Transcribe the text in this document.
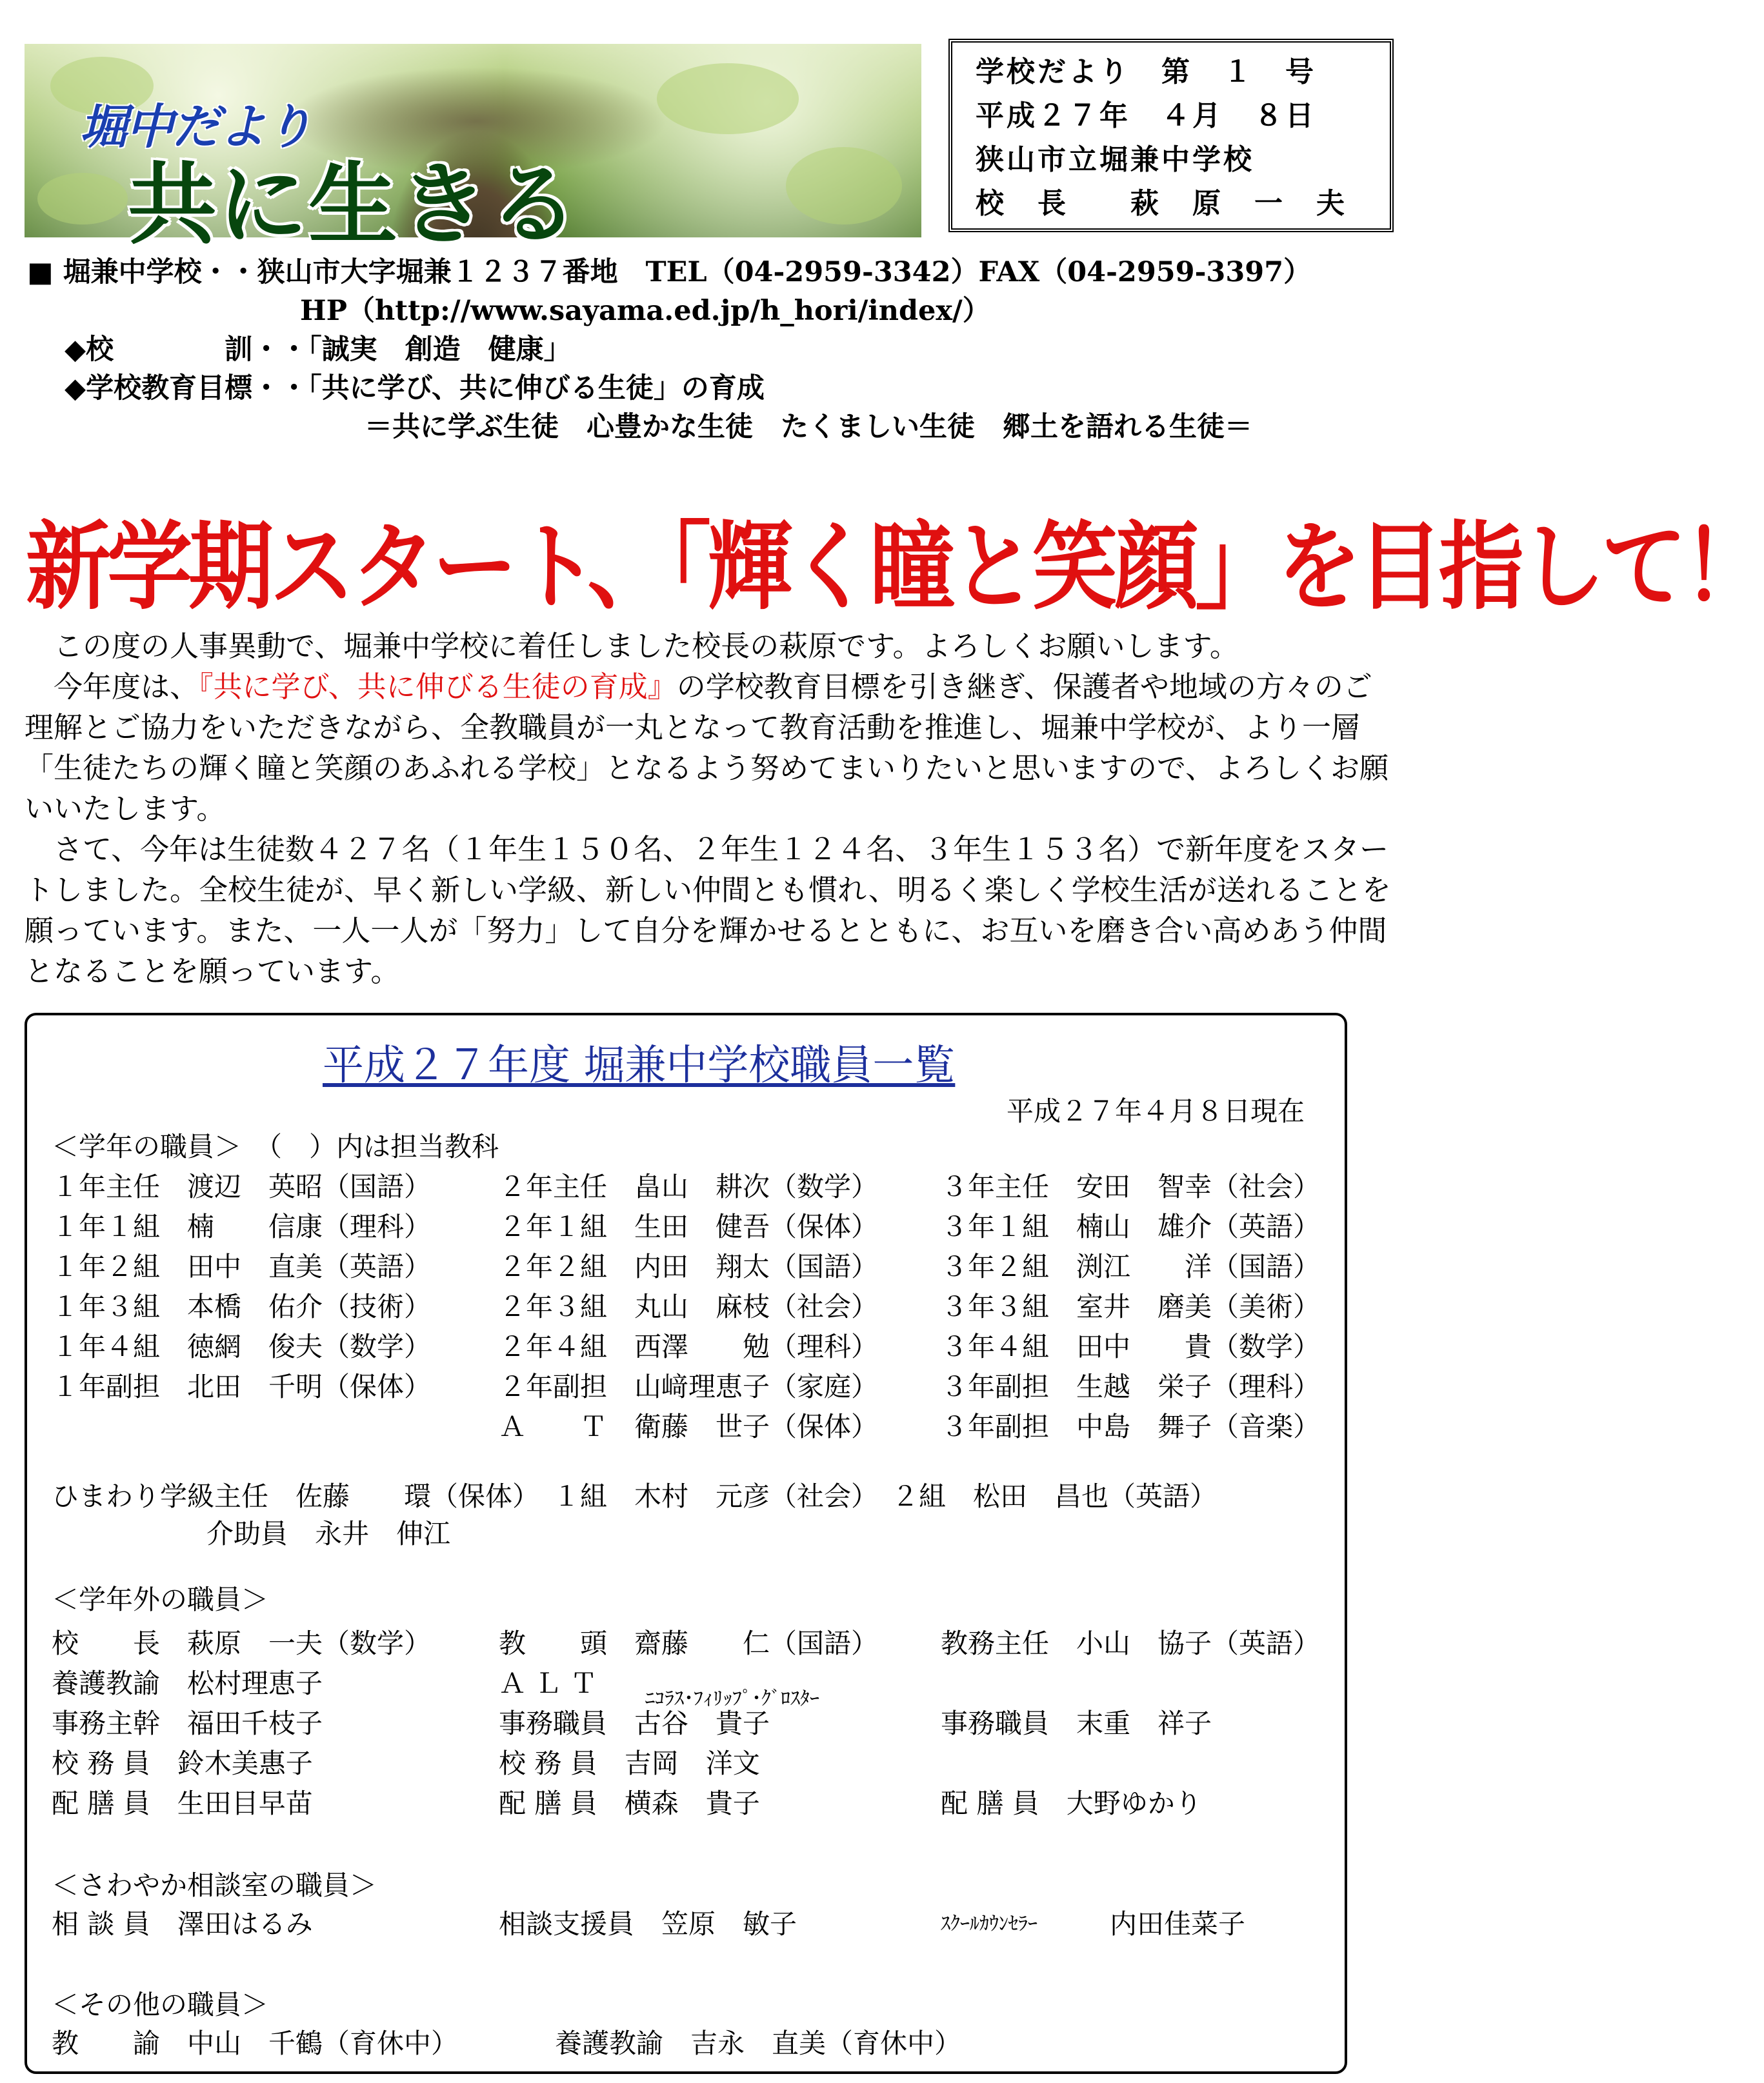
堀中だより
共に生きる
学校だより　第　１　号
平成２７年　４月　８日
狭山市立堀兼中学校
校　長　　萩　原　一　夫
■ 堀兼中学校・・狭山市大字堀兼１２３７番地　TEL（04-2959-3342）FAX（04-2959-3397）
HP（http://www.sayama.ed.jp/h_hori/index/）
◆校　　　　訓・・「誠実　創造　健康」
◆学校教育目標・・「共に学び、共に伸びる生徒」の育成
＝共に学ぶ生徒　心豊かな生徒　たくましい生徒　郷土を語れる生徒＝
新学期スタート、「輝く瞳と笑顔」を目指して！
　この度の人事異動で、堀兼中学校に着任しました校長の萩原です。よろしくお願いします。
　今年度は、『共に学び、共に伸びる生徒の育成』の学校教育目標を引き継ぎ、保護者や地域の方々のご理解とご協力をいただきながら、全教職員が一丸となって教育活動を推進し、堀兼中学校が、より一層「生徒たちの輝く瞳と笑顔のあふれる学校」となるよう努めてまいりたいと思いますので、よろしくお願いいたします。
　さて、今年は生徒数４２７名（１年生１５０名、２年生１２４名、３年生１５３名）で新年度をスタートしました。全校生徒が、早く新しい学級、新しい仲間とも慣れ、明るく楽しく学校生活が送れることを願っています。また、一人一人が「努力」して自分を輝かせるとともに、お互いを磨き合い高めあう仲間となることを願っています。
平成２７年度 堀兼中学校職員一覧
平成２７年４月８日現在
＜学年の職員＞　（　）内は担当教科
１年主任　渡辺　英昭（国語） ２年主任　畠山　耕次（数学） ３年主任　安田　智幸（社会）
１年１組　楠　　信康（理科） ２年１組　生田　健吾（保体） ３年１組　楠山　雄介（英語）
１年２組　田中　直美（英語） ２年２組　内田　翔太（国語） ３年２組　渕江　　洋（国語）
１年３組　本橋　佑介（技術） ２年３組　丸山　麻枝（社会） ３年３組　室井　磨美（美術）
１年４組　徳網　俊夫（数学） ２年４組　西澤　　勉（理科） ３年４組　田中　　貴（数学）
１年副担　北田　千明（保体） ２年副担　山﨑理恵子（家庭） ３年副担　生越　栄子（理科）
Ａ　　Ｔ　衛藤　世子（保体） ３年副担　中島　舞子（音楽）
ひまわり学級主任　佐藤　　環（保体）　１組　木村　元彦（社会）　２組　松田　昌也（英語）
介助員　永井　伸江
＜学年外の職員＞
校　　長　萩原　一夫（数学） 教　　頭　齋藤　　仁（国語） 教務主任　小山　協子（英語）
養護教諭　松村理恵子	Ａ Ｌ Ｔ　
事務主幹　福田千枝子	事務職員　古谷　貴子	事務職員　末重　祥子
校 務 員　鈴木美惠子	校 務 員　吉岡　洋文
配 膳 員　生田目早苗	配 膳 員　横森　貴子	配 膳 員　大野ゆかり
ﾆｺﾗｽ･ﾌｨﾘｯﾌﾟ･ｸﾞﾛｽﾀｰ
＜さわやか相談室の職員＞
相 談 員　澤田はるみ	相談支援員　笠原　敏子	ｽｸｰﾙｶｳﾝｾﾗｰ	内田佳菜子
＜その他の職員＞
教　　諭　中山　千鶴（育休中）	養護教諭　吉永　直美（育休中）
